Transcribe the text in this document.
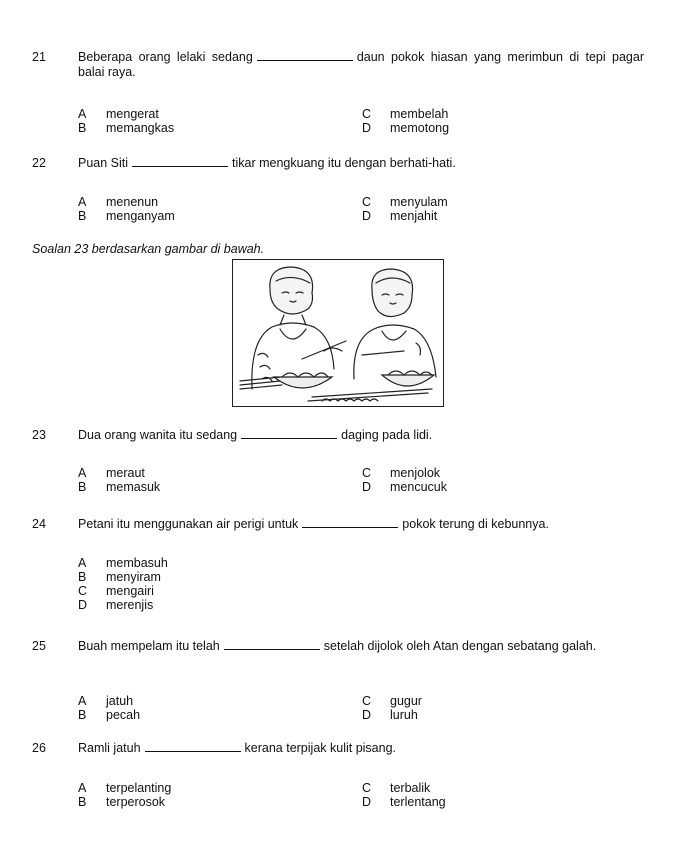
21	Beberapa orang lelaki sedang	daun pokok hiasan yang merimbun di tepi pagar balai raya.
A mengerat
B memangkas
C membelah
D memotong
22	Puan Siti	tikar mengkuang itu dengan berhati-hati.
A menenun
B menganyam
C menyulam
D menjahit
Soalan 23 berdasarkan gambar di bawah.
23	Dua orang wanita itu sedang	daging pada lidi.
A meraut
B memasuk
C menjolok
D mencucuk
24	Petani itu menggunakan air perigi untuk	pokok terung di kebunnya.
A membasuh
B menyiram
C mengairi
D merenjis
25	Buah mempelam itu telah	setelah dijolok oleh Atan dengan sebatang galah.
A jatuh
B pecah
C gugur
D luruh
26	Ramli jatuh	kerana terpijak kulit pisang.
A terpelanting
B terperosok
C terbalik
D terlentang
